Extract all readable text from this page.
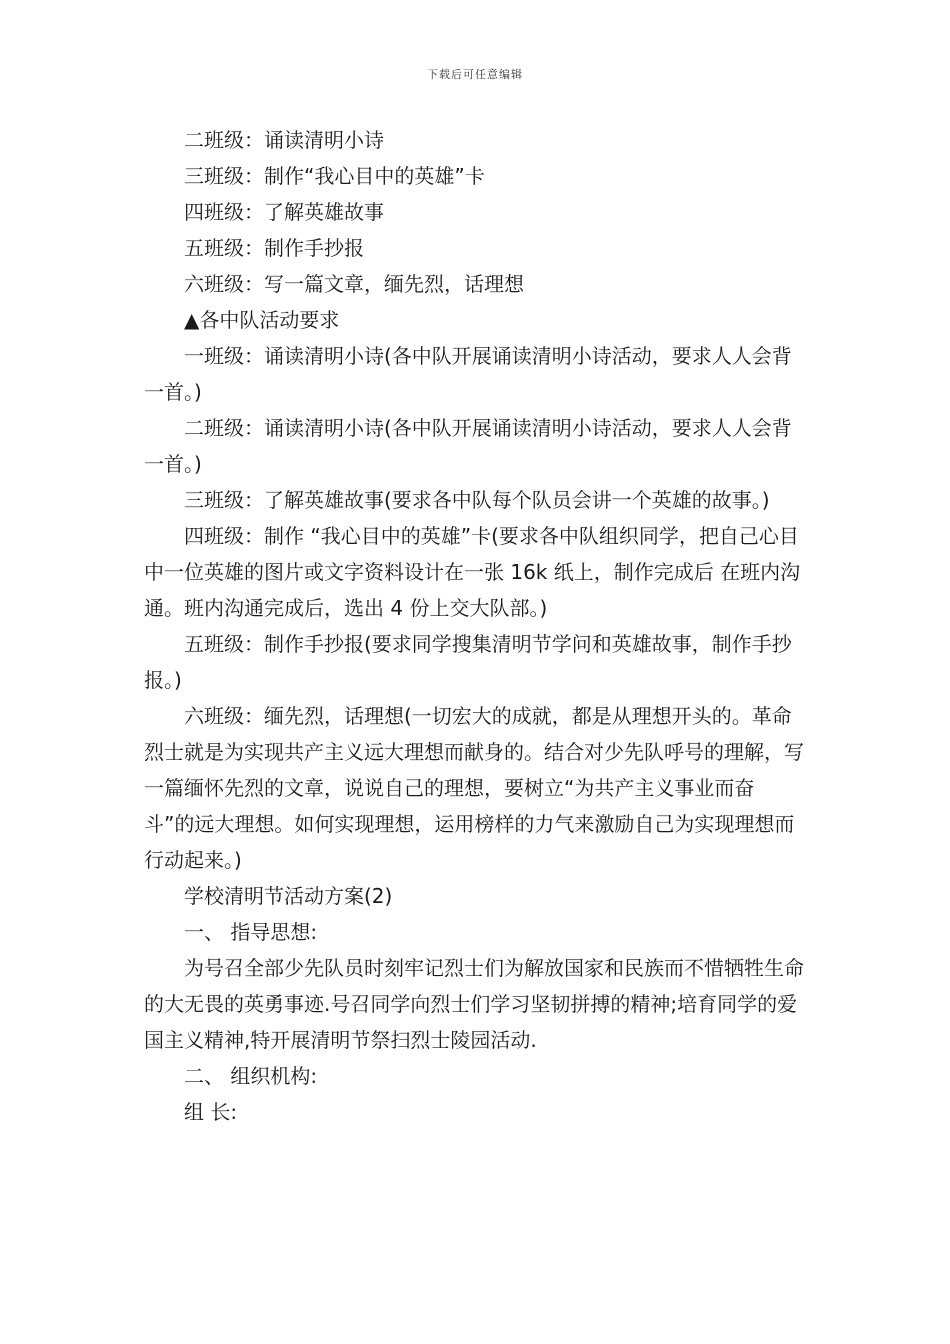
下载后可任意编辑

二班级：诵读清明小诗

三班级：制作“我心目中的英雄”卡

四班级：了解英雄故事

五班级：制作手抄报

六班级：写一篇文章，缅先烈，话理想

▲各中队活动要求

一班级：诵读清明小诗(各中队开展诵读清明小诗活动，要求人人会背一首。)

二班级：诵读清明小诗(各中队开展诵读清明小诗活动，要求人人会背一首。)

三班级：了解英雄故事(要求各中队每个队员会讲一个英雄的故事。)

四班级：制作 “我心目中的英雄”卡(要求各中队组织同学，把自己心目中一位英雄的图片或文字资料设计在一张 16k 纸上，制作完成后 在班内沟通。班内沟通完成后，选出 4 份上交大队部。)

五班级：制作手抄报(要求同学搜集清明节学问和英雄故事，制作手抄报。)

六班级：缅先烈，话理想(一切宏大的成就，都是从理想开头的。革命烈士就是为实现共产主义远大理想而献身的。结合对少先队呼号的理解，写一篇缅怀先烈的文章，说说自己的理想，要树立“为共产主义事业而奋斗”的远大理想。如何实现理想，运用榜样的力气来激励自己为实现理想而行动起来。)

学校清明节活动方案(2)

一、 指导思想:

为号召全部少先队员时刻牢记烈士们为解放国家和民族而不惜牺牲生命的大无畏的英勇事迹.号召同学向烈士们学习坚韧拼搏的精神;培育同学的爱国主义精神,特开展清明节祭扫烈士陵园活动.

二、 组织机构:

组 长:
